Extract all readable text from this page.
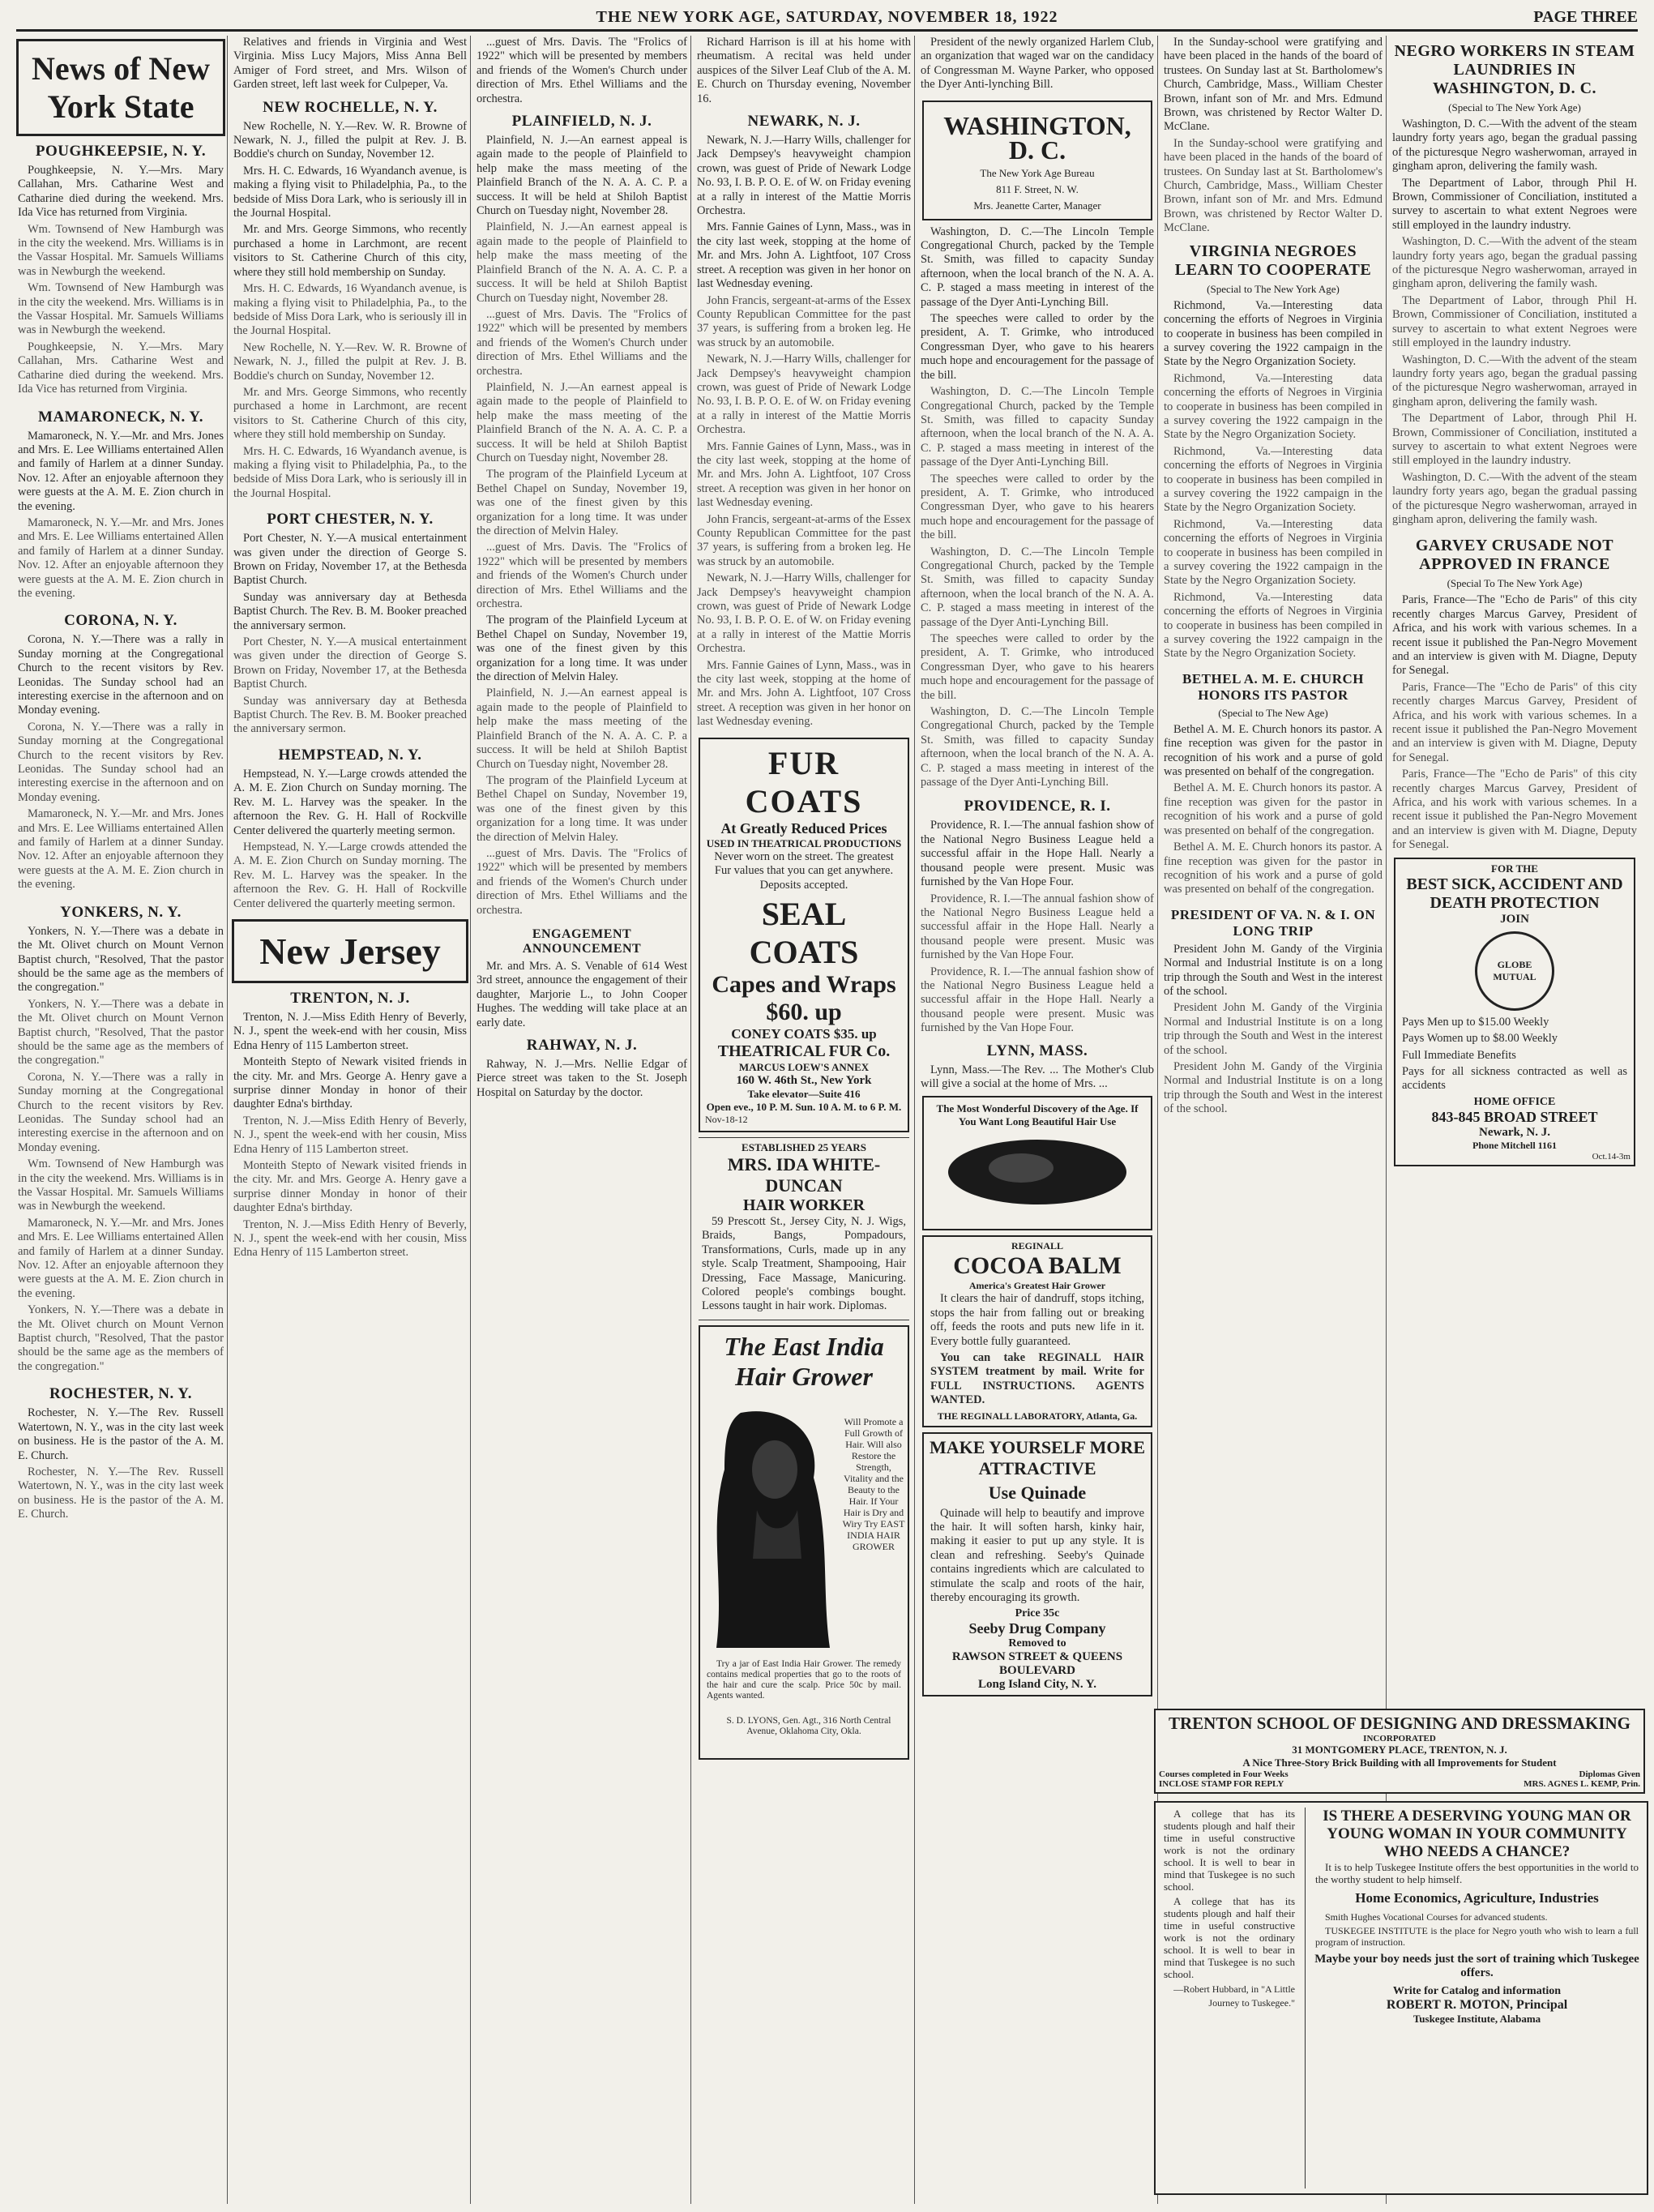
THE NEW YORK AGE, SATURDAY, NOVEMBER 18, 1922	PAGE THREE
News of New York State
POUGHKEEPSIE, N. Y.

Poughkeepsie, N. Y.—Mrs. Mary Callahan, Mrs. Catharine West and Catharine died during the weekend. Mrs. Ida Vice has returned from Virginia.

Wm. Townsend of New Hamburgh was in the city the weekend. Mrs. Williams is in the Vassar Hospital. Mr. Samuels Williams was in Newburgh the weekend.

Wm. Townsend of New Hamburgh was in the city the weekend. Mrs. Williams is in the Vassar Hospital. Mr. Samuels Williams was in Newburgh the weekend.

Poughkeepsie, N. Y.—Mrs. Mary Callahan, Mrs. Catharine West and Catharine died during the weekend. Mrs. Ida Vice has returned from Virginia.

MAMARONECK, N. Y.

Mamaroneck, N. Y.—Mr. and Mrs. Jones and Mrs. E. Lee Williams entertained Allen and family of Harlem at a dinner Sunday. Nov. 12. After an enjoyable afternoon they were guests at the A. M. E. Zion church in the evening.

Mamaroneck, N. Y.—Mr. and Mrs. Jones and Mrs. E. Lee Williams entertained Allen and family of Harlem at a dinner Sunday. Nov. 12. After an enjoyable afternoon they were guests at the A. M. E. Zion church in the evening.

CORONA, N. Y.

Corona, N. Y.—There was a rally in Sunday morning at the Congregational Church to the recent visitors by Rev. Leonidas. The Sunday school had an interesting exercise in the afternoon and on Monday evening.

Corona, N. Y.—There was a rally in Sunday morning at the Congregational Church to the recent visitors by Rev. Leonidas. The Sunday school had an interesting exercise in the afternoon and on Monday evening.

Mamaroneck, N. Y.—Mr. and Mrs. Jones and Mrs. E. Lee Williams entertained Allen and family of Harlem at a dinner Sunday. Nov. 12. After an enjoyable afternoon they were guests at the A. M. E. Zion church in the evening.

YONKERS, N. Y.

Yonkers, N. Y.—There was a debate in the Mt. Olivet church on Mount Vernon Baptist church, "Resolved, That the pastor should be the same age as the members of the congregation."

Yonkers, N. Y.—There was a debate in the Mt. Olivet church on Mount Vernon Baptist church, "Resolved, That the pastor should be the same age as the members of the congregation."

Corona, N. Y.—There was a rally in Sunday morning at the Congregational Church to the recent visitors by Rev. Leonidas. The Sunday school had an interesting exercise in the afternoon and on Monday evening.

Wm. Townsend of New Hamburgh was in the city the weekend. Mrs. Williams is in the Vassar Hospital. Mr. Samuels Williams was in Newburgh the weekend.

Mamaroneck, N. Y.—Mr. and Mrs. Jones and Mrs. E. Lee Williams entertained Allen and family of Harlem at a dinner Sunday. Nov. 12. After an enjoyable afternoon they were guests at the A. M. E. Zion church in the evening.

Yonkers, N. Y.—There was a debate in the Mt. Olivet church on Mount Vernon Baptist church, "Resolved, That the pastor should be the same age as the members of the congregation."

ROCHESTER, N. Y.

Rochester, N. Y.—The Rev. Russell Watertown, N. Y., was in the city last week on business. He is the pastor of the A. M. E. Church.

Rochester, N. Y.—The Rev. Russell Watertown, N. Y., was in the city last week on business. He is the pastor of the A. M. E. Church.

Relatives and friends in Virginia and West Virginia. Miss Lucy Majors, Miss Anna Bell Amiger of Ford street, and Mrs. Wilson of Garden street, left last week for Culpeper, Va.

NEW ROCHELLE, N. Y.

New Rochelle, N. Y.—Rev. W. R. Browne of Newark, N. J., filled the pulpit at Rev. J. B. Boddie's church on Sunday, November 12.

Mrs. H. C. Edwards, 16 Wyandanch avenue, is making a flying visit to Philadelphia, Pa., to the bedside of Miss Dora Lark, who is seriously ill in the Journal Hospital.

Mr. and Mrs. George Simmons, who recently purchased a home in Larchmont, are recent visitors to St. Catherine Church of this city, where they still hold membership on Sunday.

Mrs. H. C. Edwards, 16 Wyandanch avenue, is making a flying visit to Philadelphia, Pa., to the bedside of Miss Dora Lark, who is seriously ill in the Journal Hospital.

New Rochelle, N. Y.—Rev. W. R. Browne of Newark, N. J., filled the pulpit at Rev. J. B. Boddie's church on Sunday, November 12.

Mr. and Mrs. George Simmons, who recently purchased a home in Larchmont, are recent visitors to St. Catherine Church of this city, where they still hold membership on Sunday.

Mrs. H. C. Edwards, 16 Wyandanch avenue, is making a flying visit to Philadelphia, Pa., to the bedside of Miss Dora Lark, who is seriously ill in the Journal Hospital.

PORT CHESTER, N. Y.

Port Chester, N. Y.—A musical entertainment was given under the direction of George S. Brown on Friday, November 17, at the Bethesda Baptist Church.

Sunday was anniversary day at Bethesda Baptist Church. The Rev. B. M. Booker preached the anniversary sermon.

Port Chester, N. Y.—A musical entertainment was given under the direction of George S. Brown on Friday, November 17, at the Bethesda Baptist Church.

Sunday was anniversary day at Bethesda Baptist Church. The Rev. B. M. Booker preached the anniversary sermon.

HEMPSTEAD, N. Y.

Hempstead, N. Y.—Large crowds attended the A. M. E. Zion Church on Sunday morning. The Rev. M. L. Harvey was the speaker. In the afternoon the Rev. G. H. Hall of Rockville Center delivered the quarterly meeting sermon.

Hempstead, N. Y.—Large crowds attended the A. M. E. Zion Church on Sunday morning. The Rev. M. L. Harvey was the speaker. In the afternoon the Rev. G. H. Hall of Rockville Center delivered the quarterly meeting sermon.

New Jersey
TRENTON, N. J.

Trenton, N. J.—Miss Edith Henry of Beverly, N. J., spent the week-end with her cousin, Miss Edna Henry of 115 Lamberton street.

Monteith Stepto of Newark visited friends in the city. Mr. and Mrs. George A. Henry gave a surprise dinner Monday in honor of their daughter Edna's birthday.

Trenton, N. J.—Miss Edith Henry of Beverly, N. J., spent the week-end with her cousin, Miss Edna Henry of 115 Lamberton street.

Monteith Stepto of Newark visited friends in the city. Mr. and Mrs. George A. Henry gave a surprise dinner Monday in honor of their daughter Edna's birthday.

Trenton, N. J.—Miss Edith Henry of Beverly, N. J., spent the week-end with her cousin, Miss Edna Henry of 115 Lamberton street.

...guest of Mrs. Davis. The "Frolics of 1922" which will be presented by members and friends of the Women's Church under direction of Mrs. Ethel Williams and the orchestra.

PLAINFIELD, N. J.

Plainfield, N. J.—An earnest appeal is again made to the people of Plainfield to help make the mass meeting of the Plainfield Branch of the N. A. A. C. P. a success. It will be held at Shiloh Baptist Church on Tuesday night, November 28.

Plainfield, N. J.—An earnest appeal is again made to the people of Plainfield to help make the mass meeting of the Plainfield Branch of the N. A. A. C. P. a success. It will be held at Shiloh Baptist Church on Tuesday night, November 28.

...guest of Mrs. Davis. The "Frolics of 1922" which will be presented by members and friends of the Women's Church under direction of Mrs. Ethel Williams and the orchestra.

Plainfield, N. J.—An earnest appeal is again made to the people of Plainfield to help make the mass meeting of the Plainfield Branch of the N. A. A. C. P. a success. It will be held at Shiloh Baptist Church on Tuesday night, November 28.

The program of the Plainfield Lyceum at Bethel Chapel on Sunday, November 19, was one of the finest given by this organization for a long time. It was under the direction of Melvin Haley.

...guest of Mrs. Davis. The "Frolics of 1922" which will be presented by members and friends of the Women's Church under direction of Mrs. Ethel Williams and the orchestra.

The program of the Plainfield Lyceum at Bethel Chapel on Sunday, November 19, was one of the finest given by this organization for a long time. It was under the direction of Melvin Haley.

Plainfield, N. J.—An earnest appeal is again made to the people of Plainfield to help make the mass meeting of the Plainfield Branch of the N. A. A. C. P. a success. It will be held at Shiloh Baptist Church on Tuesday night, November 28.

The program of the Plainfield Lyceum at Bethel Chapel on Sunday, November 19, was one of the finest given by this organization for a long time. It was under the direction of Melvin Haley.

...guest of Mrs. Davis. The "Frolics of 1922" which will be presented by members and friends of the Women's Church under direction of Mrs. Ethel Williams and the orchestra.

ENGAGEMENT ANNOUNCEMENT

Mr. and Mrs. A. S. Venable of 614 West 3rd street, announce the engagement of their daughter, Marjorie L., to John Cooper Hughes. The wedding will take place at an early date.

RAHWAY, N. J.

Rahway, N. J.—Mrs. Nellie Edgar of Pierce street was taken to the St. Joseph Hospital on Saturday by the doctor.

Richard Harrison is ill at his home with rheumatism. A recital was held under auspices of the Silver Leaf Club of the A. M. E. Church on Thursday evening, November 16.

NEWARK, N. J.

Newark, N. J.—Harry Wills, challenger for Jack Dempsey's heavyweight champion crown, was guest of Pride of Newark Lodge No. 93, I. B. P. O. E. of W. on Friday evening at a rally in interest of the Mattie Morris Orchestra.

Mrs. Fannie Gaines of Lynn, Mass., was in the city last week, stopping at the home of Mr. and Mrs. John A. Lightfoot, 107 Cross street. A reception was given in her honor on last Wednesday evening.

John Francis, sergeant-at-arms of the Essex County Republican Committee for the past 37 years, is suffering from a broken leg. He was struck by an automobile.

Newark, N. J.—Harry Wills, challenger for Jack Dempsey's heavyweight champion crown, was guest of Pride of Newark Lodge No. 93, I. B. P. O. E. of W. on Friday evening at a rally in interest of the Mattie Morris Orchestra.

Mrs. Fannie Gaines of Lynn, Mass., was in the city last week, stopping at the home of Mr. and Mrs. John A. Lightfoot, 107 Cross street. A reception was given in her honor on last Wednesday evening.

John Francis, sergeant-at-arms of the Essex County Republican Committee for the past 37 years, is suffering from a broken leg. He was struck by an automobile.

Newark, N. J.—Harry Wills, challenger for Jack Dempsey's heavyweight champion crown, was guest of Pride of Newark Lodge No. 93, I. B. P. O. E. of W. on Friday evening at a rally in interest of the Mattie Morris Orchestra.

Mrs. Fannie Gaines of Lynn, Mass., was in the city last week, stopping at the home of Mr. and Mrs. John A. Lightfoot, 107 Cross street. A reception was given in her honor on last Wednesday evening.

FUR COATS
At Greatly Reduced Prices
USED IN THEATRICAL PRODUCTIONS

Never worn on the street. The greatest Fur values that you can get anywhere. Deposits accepted.

SEAL COATS
Capes and Wraps
$60. up
CONEY COATS $35. up
THEATRICAL FUR Co.
MARCUS LOEW'S ANNEX
160 W. 46th St., New York
Take elevator—Suite 416
Open eve., 10 P. M. Sun. 10 A. M. to 6 P. M.
Nov-18-12
ESTABLISHED 25 YEARS
MRS. IDA WHITE-DUNCAN
HAIR WORKER

59 Prescott St., Jersey City, N. J. Wigs, Braids, Bangs, Pompadours, Transformations, Curls, made up in any style. Scalp Treatment, Shampooing, Hair Dressing, Face Massage, Manicuring. Colored people's combings bought. Lessons taught in hair work. Diplomas.

The East India
Hair Grower

Will Promote a Full Growth of Hair. Will also Restore the Strength, Vitality and the Beauty to the Hair. If Your Hair is Dry and Wiry Try EAST INDIA HAIR GROWER

Try a jar of East India Hair Grower. The remedy contains medical properties that go to the roots of the hair and cure the scalp. Price 50c by mail. Agents wanted.

S. D. LYONS, Gen. Agt., 316 North Central Avenue, Oklahoma City, Okla.

President of the newly organized Harlem Club, an organization that waged war on the candidacy of Congressman M. Wayne Parker, who opposed the Dyer Anti-lynching Bill.

WASHINGTON, D. C.
The New York Age Bureau
811 F. Street, N. W.
Mrs. Jeanette Carter, Manager

Washington, D. C.—The Lincoln Temple Congregational Church, packed by the Temple St. Smith, was filled to capacity Sunday afternoon, when the local branch of the N. A. A. C. P. staged a mass meeting in interest of the passage of the Dyer Anti-Lynching Bill.

The speeches were called to order by the president, A. T. Grimke, who introduced Congressman Dyer, who gave to his hearers much hope and encouragement for the passage of the bill.

Washington, D. C.—The Lincoln Temple Congregational Church, packed by the Temple St. Smith, was filled to capacity Sunday afternoon, when the local branch of the N. A. A. C. P. staged a mass meeting in interest of the passage of the Dyer Anti-Lynching Bill.

The speeches were called to order by the president, A. T. Grimke, who introduced Congressman Dyer, who gave to his hearers much hope and encouragement for the passage of the bill.

Washington, D. C.—The Lincoln Temple Congregational Church, packed by the Temple St. Smith, was filled to capacity Sunday afternoon, when the local branch of the N. A. A. C. P. staged a mass meeting in interest of the passage of the Dyer Anti-Lynching Bill.

The speeches were called to order by the president, A. T. Grimke, who introduced Congressman Dyer, who gave to his hearers much hope and encouragement for the passage of the bill.

Washington, D. C.—The Lincoln Temple Congregational Church, packed by the Temple St. Smith, was filled to capacity Sunday afternoon, when the local branch of the N. A. A. C. P. staged a mass meeting in interest of the passage of the Dyer Anti-Lynching Bill.

PROVIDENCE, R. I.

Providence, R. I.—The annual fashion show of the National Negro Business League held a successful affair in the Hope Hall. Nearly a thousand people were present. Music was furnished by the Van Hope Four.

Providence, R. I.—The annual fashion show of the National Negro Business League held a successful affair in the Hope Hall. Nearly a thousand people were present. Music was furnished by the Van Hope Four.

Providence, R. I.—The annual fashion show of the National Negro Business League held a successful affair in the Hope Hall. Nearly a thousand people were present. Music was furnished by the Van Hope Four.

LYNN, MASS.

Lynn, Mass.—The Rev. ... The Mother's Club will give a social at the home of Mrs. ...

The Most Wonderful Discovery of the Age. If You Want Long Beautiful Hair Use
REGINALL
COCOA BALM
America's Greatest Hair Grower

It clears the hair of dandruff, stops itching, stops the hair from falling out or breaking off, feeds the roots and puts new life in it. Every bottle fully guaranteed.

You can take REGINALL HAIR SYSTEM treatment by mail. Write for FULL INSTRUCTIONS. AGENTS WANTED.

THE REGINALL LABORATORY, Atlanta, Ga.
MAKE YOURSELF MORE ATTRACTIVE
Use Quinade

Quinade will help to beautify and improve the hair. It will soften harsh, kinky hair, making it easier to put up any style. It is clean and refreshing. Seeby's Quinade contains ingredients which are calculated to stimulate the scalp and roots of the hair, thereby encouraging its growth.

Price 35c
Seeby Drug Company
Removed to
RAWSON STREET & QUEENS BOULEVARD
Long Island City, N. Y.

In the Sunday-school were gratifying and have been placed in the hands of the board of trustees. On Sunday last at St. Bartholomew's Church, Cambridge, Mass., William Chester Brown, infant son of Mr. and Mrs. Edmund Brown, was christened by Rector Walter D. McClane.

In the Sunday-school were gratifying and have been placed in the hands of the board of trustees. On Sunday last at St. Bartholomew's Church, Cambridge, Mass., William Chester Brown, infant son of Mr. and Mrs. Edmund Brown, was christened by Rector Walter D. McClane.

VIRGINIA NEGROES LEARN TO COOPERATE
(Special to The New York Age)

Richmond, Va.—Interesting data concerning the efforts of Negroes in Virginia to cooperate in business has been compiled in a survey covering the 1922 campaign in the State by the Negro Organization Society.

Richmond, Va.—Interesting data concerning the efforts of Negroes in Virginia to cooperate in business has been compiled in a survey covering the 1922 campaign in the State by the Negro Organization Society.

Richmond, Va.—Interesting data concerning the efforts of Negroes in Virginia to cooperate in business has been compiled in a survey covering the 1922 campaign in the State by the Negro Organization Society.

Richmond, Va.—Interesting data concerning the efforts of Negroes in Virginia to cooperate in business has been compiled in a survey covering the 1922 campaign in the State by the Negro Organization Society.

Richmond, Va.—Interesting data concerning the efforts of Negroes in Virginia to cooperate in business has been compiled in a survey covering the 1922 campaign in the State by the Negro Organization Society.

BETHEL A. M. E. CHURCH HONORS ITS PASTOR
(Special to The New Age)

Bethel A. M. E. Church honors its pastor. A fine reception was given for the pastor in recognition of his work and a purse of gold was presented on behalf of the congregation.

Bethel A. M. E. Church honors its pastor. A fine reception was given for the pastor in recognition of his work and a purse of gold was presented on behalf of the congregation.

Bethel A. M. E. Church honors its pastor. A fine reception was given for the pastor in recognition of his work and a purse of gold was presented on behalf of the congregation.

PRESIDENT OF VA. N. & I. ON LONG TRIP

President John M. Gandy of the Virginia Normal and Industrial Institute is on a long trip through the South and West in the interest of the school.

President John M. Gandy of the Virginia Normal and Industrial Institute is on a long trip through the South and West in the interest of the school.

President John M. Gandy of the Virginia Normal and Industrial Institute is on a long trip through the South and West in the interest of the school.

NEGRO WORKERS IN STEAM LAUNDRIES IN WASHINGTON, D. C.
(Special to The New York Age)

Washington, D. C.—With the advent of the steam laundry forty years ago, began the gradual passing of the picturesque Negro washerwoman, arrayed in gingham apron, delivering the family wash.

The Department of Labor, through Phil H. Brown, Commissioner of Conciliation, instituted a survey to ascertain to what extent Negroes were still employed in the laundry industry.

Washington, D. C.—With the advent of the steam laundry forty years ago, began the gradual passing of the picturesque Negro washerwoman, arrayed in gingham apron, delivering the family wash.

The Department of Labor, through Phil H. Brown, Commissioner of Conciliation, instituted a survey to ascertain to what extent Negroes were still employed in the laundry industry.

Washington, D. C.—With the advent of the steam laundry forty years ago, began the gradual passing of the picturesque Negro washerwoman, arrayed in gingham apron, delivering the family wash.

The Department of Labor, through Phil H. Brown, Commissioner of Conciliation, instituted a survey to ascertain to what extent Negroes were still employed in the laundry industry.

Washington, D. C.—With the advent of the steam laundry forty years ago, began the gradual passing of the picturesque Negro washerwoman, arrayed in gingham apron, delivering the family wash.

GARVEY CRUSADE NOT APPROVED IN FRANCE
(Special To The New York Age)

Paris, France—The "Echo de Paris" of this city recently charges Marcus Garvey, President of Africa, and his work with various schemes. In a recent issue it published the Pan-Negro Movement and an interview is given with M. Diagne, Deputy for Senegal.

Paris, France—The "Echo de Paris" of this city recently charges Marcus Garvey, President of Africa, and his work with various schemes. In a recent issue it published the Pan-Negro Movement and an interview is given with M. Diagne, Deputy for Senegal.

Paris, France—The "Echo de Paris" of this city recently charges Marcus Garvey, President of Africa, and his work with various schemes. In a recent issue it published the Pan-Negro Movement and an interview is given with M. Diagne, Deputy for Senegal.

FOR THE
BEST SICK, ACCIDENT AND DEATH PROTECTION
JOIN
GLOBE MUTUAL

Pays Men up to $15.00 Weekly

Pays Women up to $8.00 Weekly

Full Immediate Benefits

Pays for all sickness contracted as well as accidents

HOME OFFICE
843-845 BROAD STREET
Newark, N. J.
Phone Mitchell 1161
Oct.14-3m
TRENTON SCHOOL OF DESIGNING AND DRESSMAKING
INCORPORATED
31 MONTGOMERY PLACE, TRENTON, N. J.
A Nice Three-Story Brick Building with all Improvements for Student
Courses completed in Four Weeks	Diplomas Given
INCLOSE STAMP FOR REPLY	MRS. AGNES L. KEMP, Prin.

A college that has its students plough and half their time in useful constructive work is not the ordinary school. It is well to bear in mind that Tuskegee is no such school.

A college that has its students plough and half their time in useful constructive work is not the ordinary school. It is well to bear in mind that Tuskegee is no such school.

—Robert Hubbard, in "A Little Journey to Tuskegee."

IS THERE A DESERVING YOUNG MAN OR YOUNG WOMAN IN YOUR COMMUNITY WHO NEEDS A CHANCE?

It is to help Tuskegee Institute offers the best opportunities in the world to the worthy student to help himself.

Home Economics, Agriculture, Industries

Smith Hughes Vocational Courses for advanced students.

TUSKEGEE INSTITUTE is the place for Negro youth who wish to learn a full program of instruction.

Maybe your boy needs just the sort of training which Tuskegee offers.
Write for Catalog and information
ROBERT R. MOTON, Principal
Tuskegee Institute, Alabama
